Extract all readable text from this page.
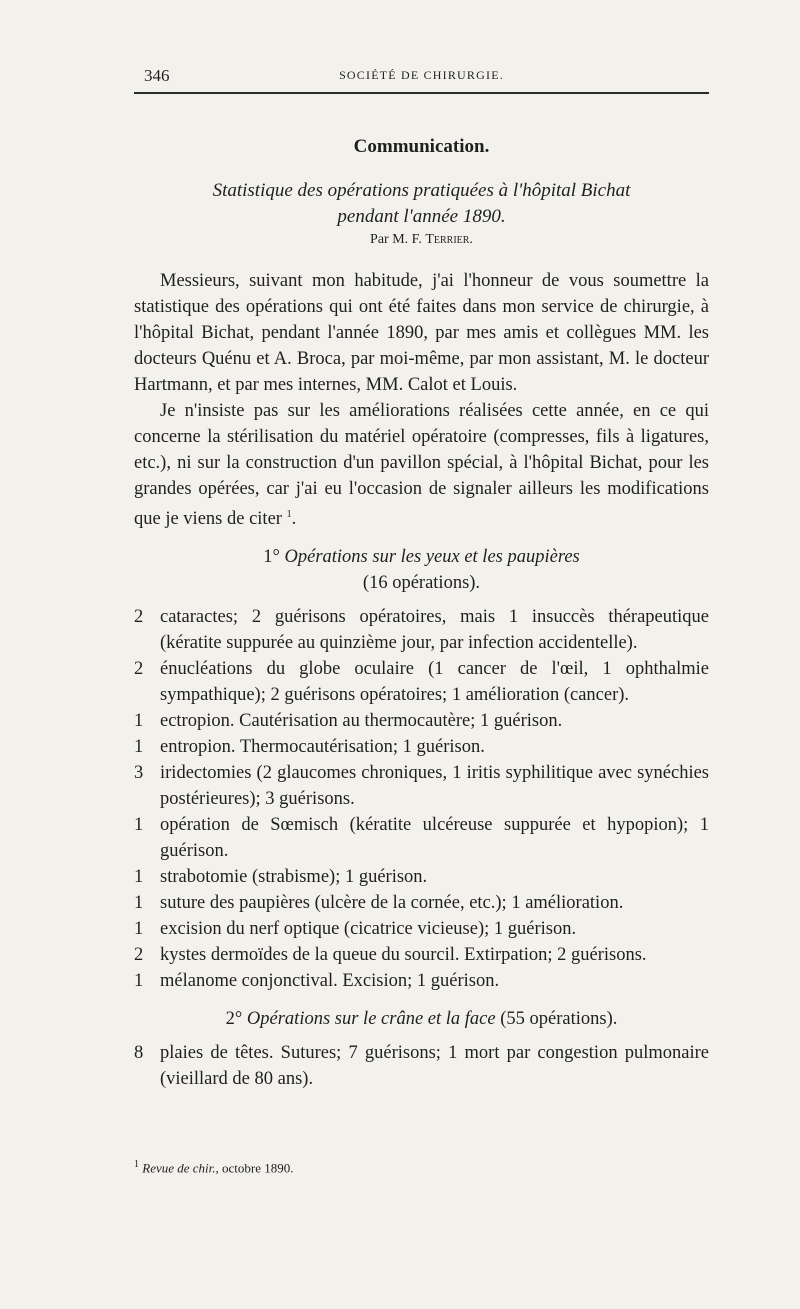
346	SOCIÉTÉ DE CHIRURGIE.
Communication.
Statistique des opérations pratiquées à l'hôpital Bichat
pendant l'année 1890.
Par M. F. Terrier.

Messieurs, suivant mon habitude, j'ai l'honneur de vous soumettre la statistique des opérations qui ont été faites dans mon service de chirurgie, à l'hôpital Bichat, pendant l'année 1890, par mes amis et collègues MM. les docteurs Quénu et A. Broca, par moi-même, par mon assistant, M. le docteur Hartmann, et par mes internes, MM. Calot et Louis.

Je n'insiste pas sur les améliorations réalisées cette année, en ce qui concerne la stérilisation du matériel opératoire (compresses, fils à ligatures, etc.), ni sur la construction d'un pavillon spécial, à l'hôpital Bichat, pour les grandes opérées, car j'ai eu l'occasion de signaler ailleurs les modifications que je viens de citer $^1$.

1° Opérations sur les yeux et les paupières
(16 opérations).
2 cataractes; 2 guérisons opératoires, mais 1 insuccès thérapeutique (kératite suppurée au quinzième jour, par infection accidentelle).
2 énucléations du globe oculaire (1 cancer de l'œil, 1 ophthalmie sympathique); 2 guérisons opératoires; 1 amélioration (cancer).
1 ectropion. Cautérisation au thermocautère; 1 guérison.
1 entropion. Thermocautérisation; 1 guérison.
3 iridectomies (2 glaucomes chroniques, 1 iritis syphilitique avec synéchies postérieures); 3 guérisons.
1 opération de Sœmisch (kératite ulcéreuse suppurée et hypopion); 1 guérison.
1 strabotomie (strabisme); 1 guérison.
1 suture des paupières (ulcère de la cornée, etc.); 1 amélioration.
1 excision du nerf optique (cicatrice vicieuse); 1 guérison.
2 kystes dermoïdes de la queue du sourcil. Extirpation; 2 guérisons.
1 mélanome conjonctival. Excision; 1 guérison.
2° Opérations sur le crâne et la face (55 opérations).
8 plaies de têtes. Sutures; 7 guérisons; 1 mort par congestion pulmonaire (vieillard de 80 ans).
$^1$ Revue de chir., octobre 1890.
